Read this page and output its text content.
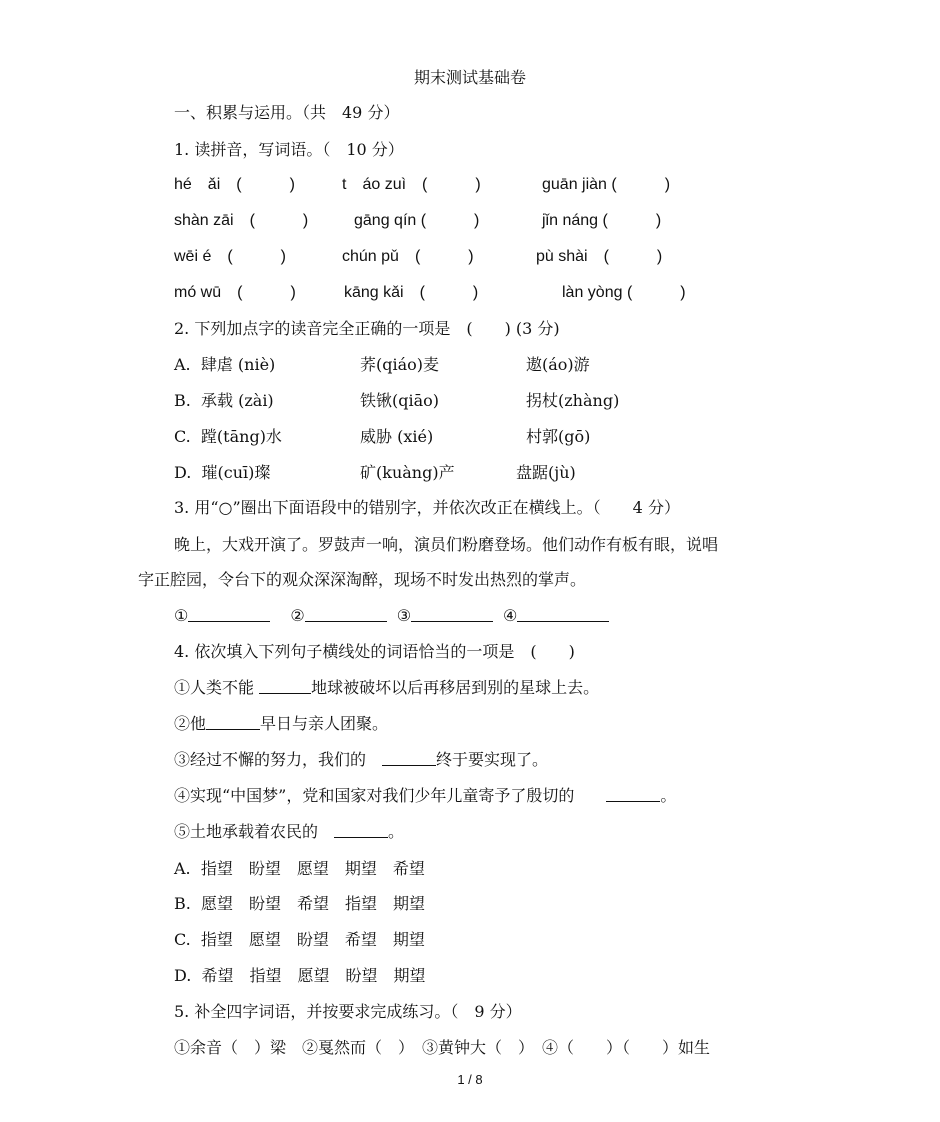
期末测试基础卷
一、积累与运用。（共　49 分）
1. 读拼音，写词语。（　10 分）
hé　ǎi　(　　　)	t　áo zuì　(　　　)	guān jiàn (　　　)
shàn zāi　(　　　)	gāng qín (　　　)	jǐn náng (　　　)
wēi é　(　　　)	chún pǔ　(　　　)	pù shài　(　　　)
mó wū　(　　　)	kāng kǎi　(　　　)	làn yòng (　　　)
2. 下列加点字的读音完全正确的一项是　(　　) (3 分)
A.  肆虐 (niè)	荞(qiáo)麦	遨(áo)游
B.  承载 (zài)	铁锹(qiāo)	拐杖(zhàng)
C.  蹚(tāng)水	威胁 (xié)	村郭(gō)
D.  璀(cuī)璨	矿(kuàng)产	盘踞(jù)
3. 用“○”圈出下面语段中的错别字，并依次改正在横线上。（　　4 分）
晚上，大戏开演了。罗鼓声一响，演员们粉磨登场。他们动作有板有眼，说唱
字正腔园，令台下的观众深深淘醉，现场不时发出热烈的掌声。
①	②	③	④
4. 依次填入下列句子横线处的词语恰当的一项是　(　　)
①人类不能	地球被破坏以后再移居到别的星球上去。
②他	早日与亲人团聚。
③经过不懈的努力，我们的　	终于要实现了。
④实现“中国梦”，党和国家对我们少年儿童寄予了殷切的　　	。
⑤土地承载着农民的　	。
A.  指望　盼望　愿望　期望　希望
B.  愿望　盼望　希望　指望　期望
C.  指望　愿望　盼望　希望　期望
D.  希望　指望　愿望　盼望　期望
5. 补全四字词语，并按要求完成练习。（　9 分）
①余音（　）梁　②戛然而（　）　③黄钟大（　）　④（　　）（　　）如生
1 / 8
